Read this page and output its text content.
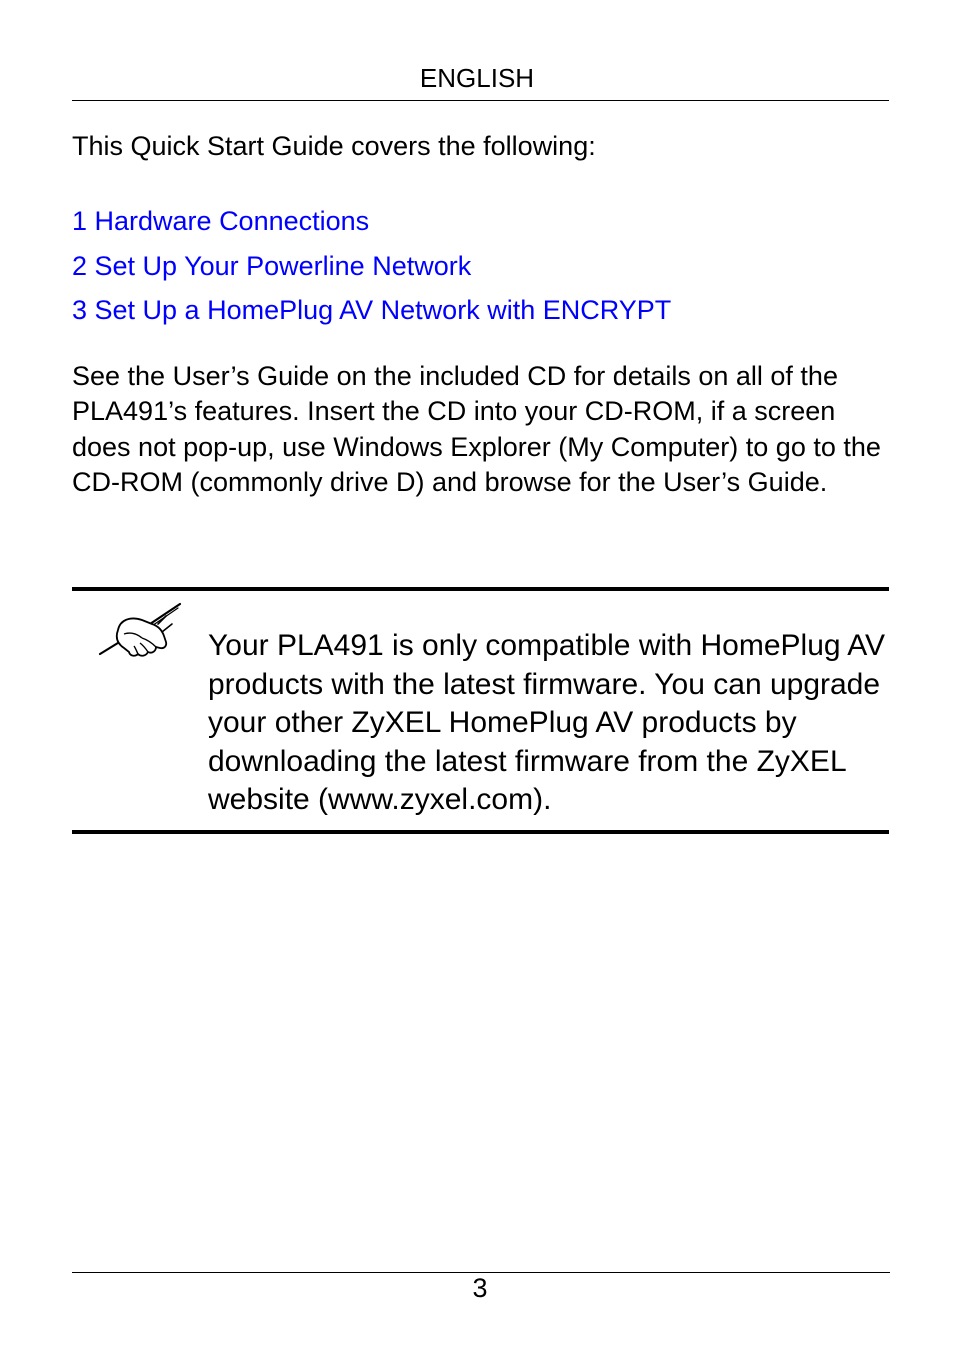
ENGLISH
This Quick Start Guide covers the following:
1 Hardware Connections
2 Set Up Your Powerline Network
3 Set Up a HomePlug AV Network with ENCRYPT

See the User’s Guide on the included CD for details on all of the PLA491’s features. Insert the CD into your CD-ROM, if a screen does not pop-up, use Windows Explorer (My Computer) to go to the CD-ROM (commonly drive D) and browse for the User’s Guide.

Your PLA491 is only compatible with HomePlug AV products with the latest firmware. You can upgrade your other ZyXEL HomePlug AV products by downloading the latest firmware from the ZyXEL website (www.zyxel.com).

3
